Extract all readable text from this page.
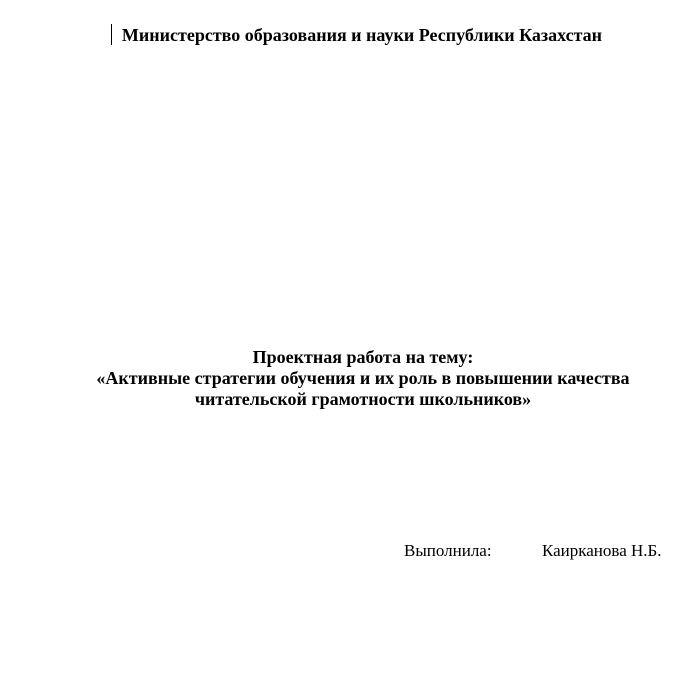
Министерство образования и науки Республики Казахстан
Проектная работа на тему:
«Активные стратегии обучения и их роль в повышении качества
читательской грамотности школьников»
Выполнила:	Каирканова Н.Б.
